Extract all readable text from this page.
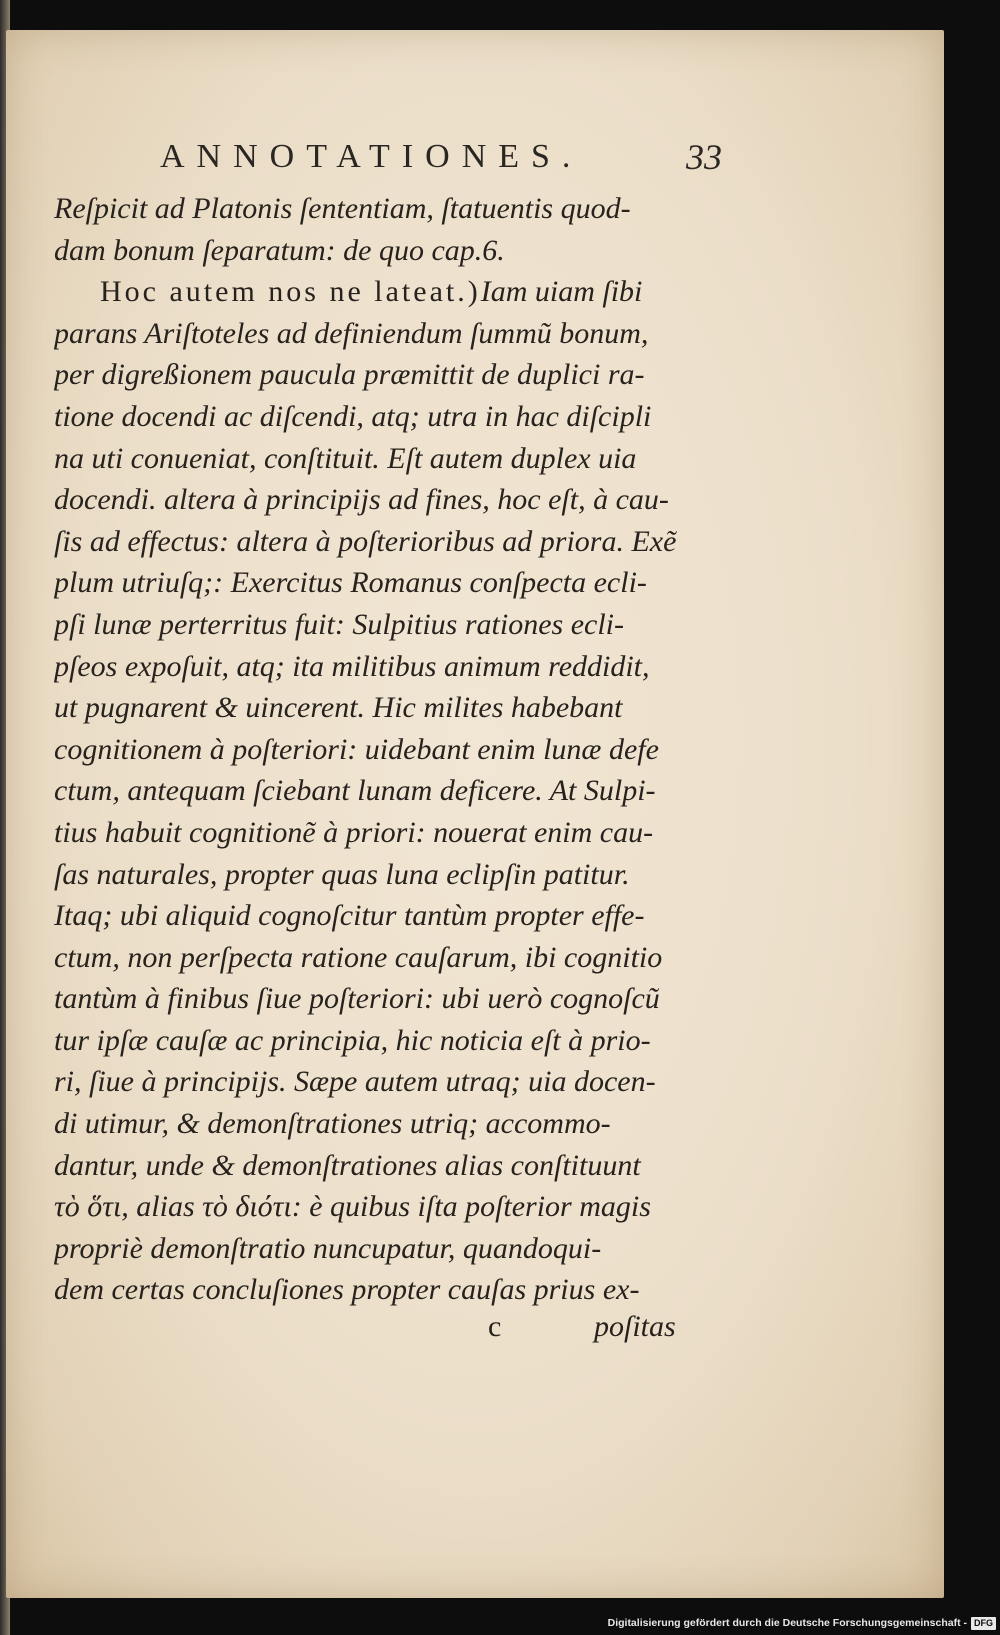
ANNOTATIONES.	33
Reſpicit ad Platonis ſententiam, ſtatuentis quod-
dam bonum ſeparatum: de quo cap.6.
Hoc autem nos ne lateat.)Iam uiam ſibi
parans Ariſtoteles ad definiendum ſummũ bonum,
per digreßionem paucula præmittit de duplici ra-
tione docendi ac diſcendi, atq; utra in hac diſcipli
na uti conueniat, conſtituit. Eſt autem duplex uia
docendi. altera à principijs ad fines, hoc eſt, à cau-
ſis ad effectus: altera à poſterioribus ad priora. Exẽ
plum utriuſq;: Exercitus Romanus conſpecta ecli-
pſi lunæ perterritus fuit: Sulpitius rationes ecli-
pſeos expoſuit, atq; ita militibus animum reddidit,
ut pugnarent & uincerent. Hic milites habebant
cognitionem à poſteriori: uidebant enim lunæ defe
ctum, antequam ſciebant lunam deficere. At Sulpi-
tius habuit cognitionẽ à priori: nouerat enim cau-
ſas naturales, propter quas luna eclipſin patitur.
Itaq; ubi aliquid cognoſcitur tantùm propter effe-
ctum, non perſpecta ratione cauſarum, ibi cognitio
tantùm à finibus ſiue poſteriori: ubi uerò cognoſcũ
tur ipſæ cauſæ ac principia, hic noticia eſt à prio-
ri, ſiue à principijs. Sæpe autem utraq; uia docen-
di utimur, & demonſtrationes utriq; accommo-
dantur, unde & demonſtrationes alias conſtituunt
τὸ ὅτι, alias τὸ διότι: è quibus iſta poſterior magis
propriè demonſtratio nuncupatur, quandoqui-
dem certas concluſiones propter cauſas prius ex-
c	poſitas
Digitalisierung gefördert durch die Deutsche Forschungsgemeinschaft - DFG
